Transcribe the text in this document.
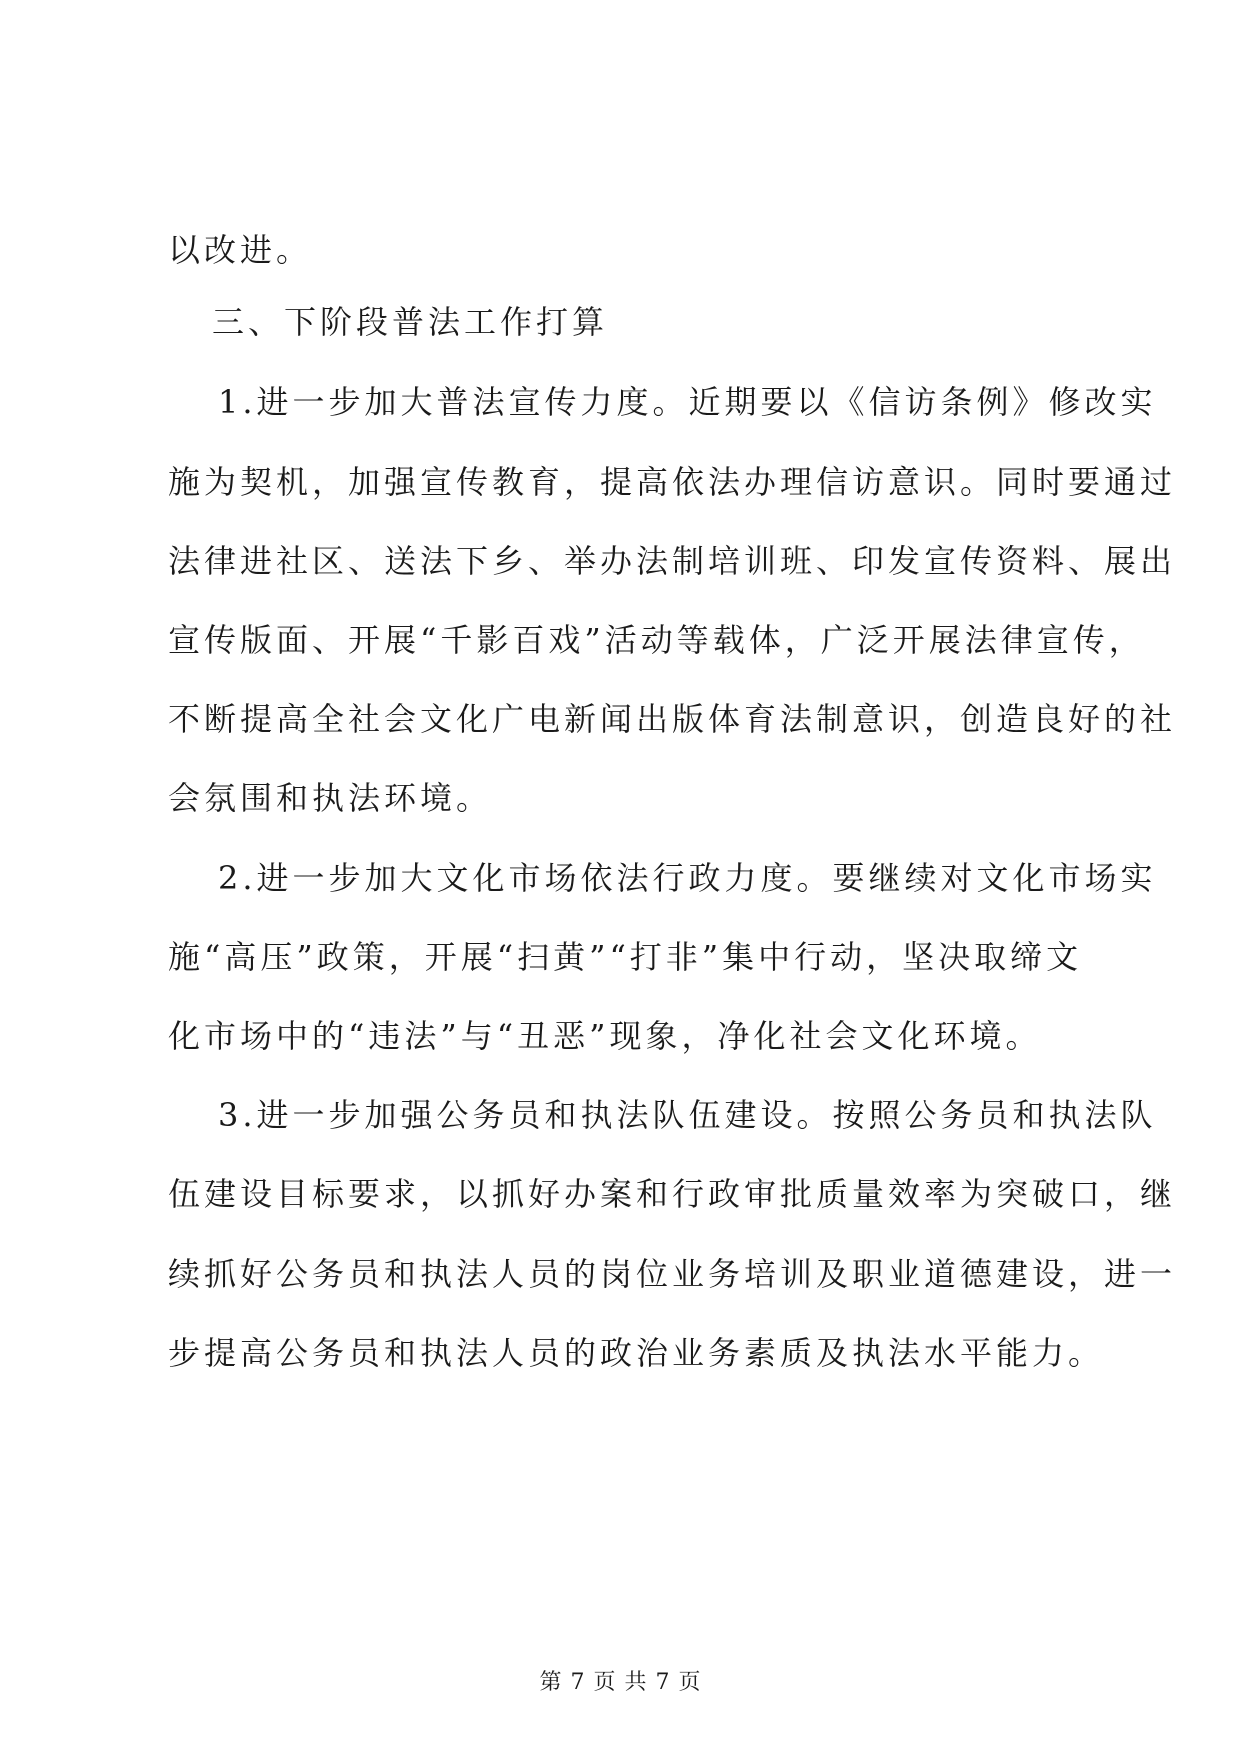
以改进。
三、下阶段普法工作打算
1.进一步加大普法宣传力度。近期要以《信访条例》修改实
施为契机，加强宣传教育，提高依法办理信访意识。同时要通过
法律进社区、送法下乡、举办法制培训班、印发宣传资料、展出
宣传版面、开展“千影百戏”活动等载体，广泛开展法律宣传，
不断提高全社会文化广电新闻出版体育法制意识，创造良好的社
会氛围和执法环境。
2.进一步加大文化市场依法行政力度。要继续对文化市场实
施“高压”政策，开展“扫黄”“打非”集中行动，坚决取缔文
化市场中的“违法”与“丑恶”现象，净化社会文化环境。
3.进一步加强公务员和执法队伍建设。按照公务员和执法队
伍建设目标要求，以抓好办案和行政审批质量效率为突破口，继
续抓好公务员和执法人员的岗位业务培训及职业道德建设，进一
步提高公务员和执法人员的政治业务素质及执法水平能力。
第 7 页 共 7 页
